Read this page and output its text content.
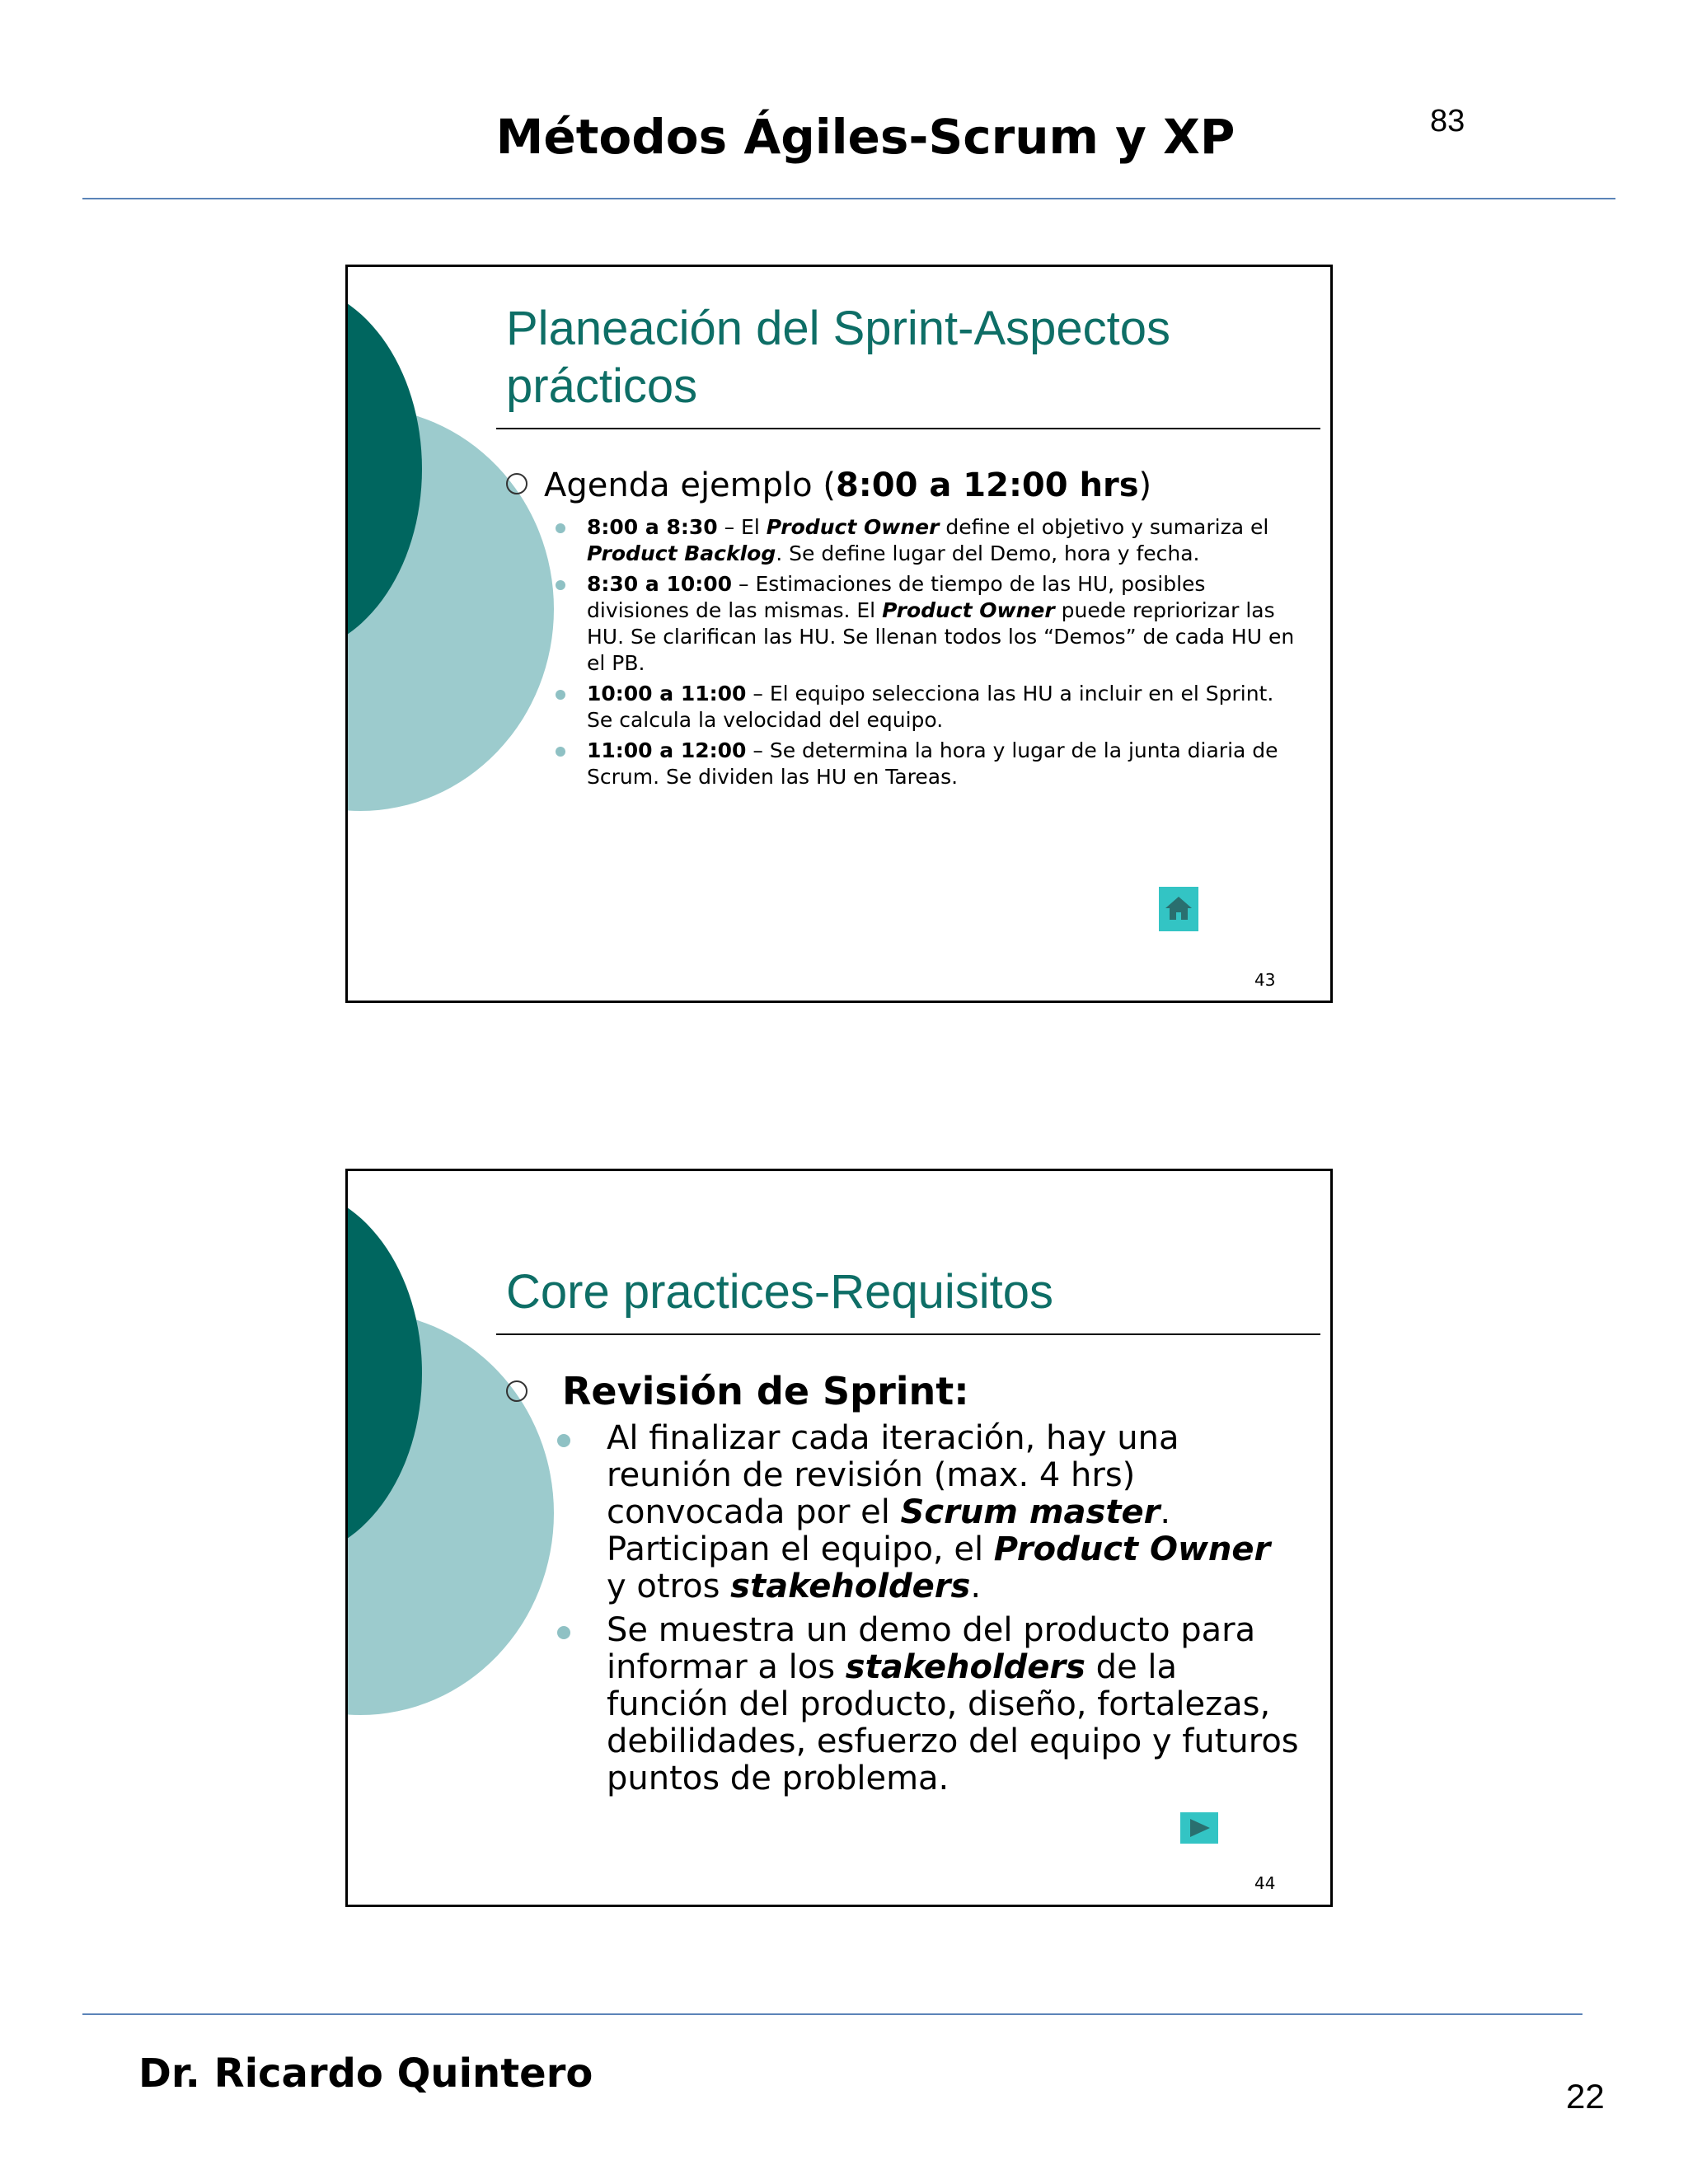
Métodos Ágiles-Scrum y XP	83
Planeación del Sprint-Aspectos
prácticos
Agenda ejemplo (8:00 a 12:00 hrs)
8:00 a 8:30 – El Product Owner define el objetivo y sumariza el Product Backlog. Se define lugar del Demo, hora y fecha.
8:30 a 10:00 – Estimaciones de tiempo de las HU, posibles divisiones de las mismas. El Product Owner puede repriorizar las HU. Se clarifican las HU. Se llenan todos los “Demos” de cada HU en el PB.
10:00 a 11:00 – El equipo selecciona las HU a incluir en el Sprint. Se calcula la velocidad del equipo.
11:00 a 12:00 – Se determina la hora y lugar de la junta diaria de Scrum. Se dividen las HU en Tareas.
43
Core practices-Requisitos
Revisión de Sprint:
Al finalizar cada iteración, hay una reunión de revisión (max. 4 hrs) convocada por el Scrum master. Participan el equipo, el Product Owner y otros stakeholders.
Se muestra un demo del producto para informar a los stakeholders de la función del producto, diseño, fortalezas, debilidades, esfuerzo del equipo y futuros puntos de problema.
44
Dr. Ricardo Quintero	22
